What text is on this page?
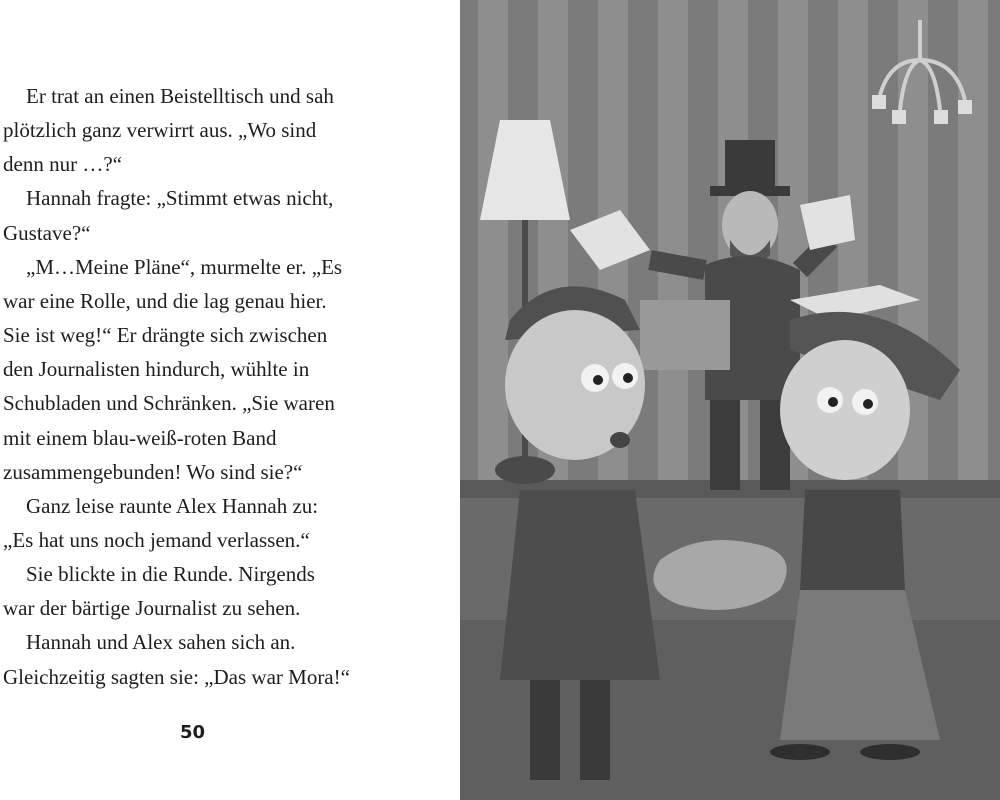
Er trat an einen Beistelltisch und sah
plötzlich ganz verwirrt aus. „Wo sind
denn nur …?“
Hannah fragte: „Stimmt etwas nicht,
Gustave?“
„M…Meine Pläne“, murmelte er. „Es
war eine Rolle, und die lag genau hier.
Sie ist weg!“ Er drängte sich zwischen
den Journalisten hindurch, wühlte in
Schubladen und Schränken. „Sie waren
mit einem blau-weiß-roten Band
zusammengebunden! Wo sind sie?“
Ganz leise raunte Alex Hannah zu:
„Es hat uns noch jemand verlassen.“
Sie blickte in die Runde. Nirgends
war der bärtige Journalist zu sehen.
Hannah und Alex sahen sich an.
Gleichzeitig sagten sie: „Das war Mora!“
50
